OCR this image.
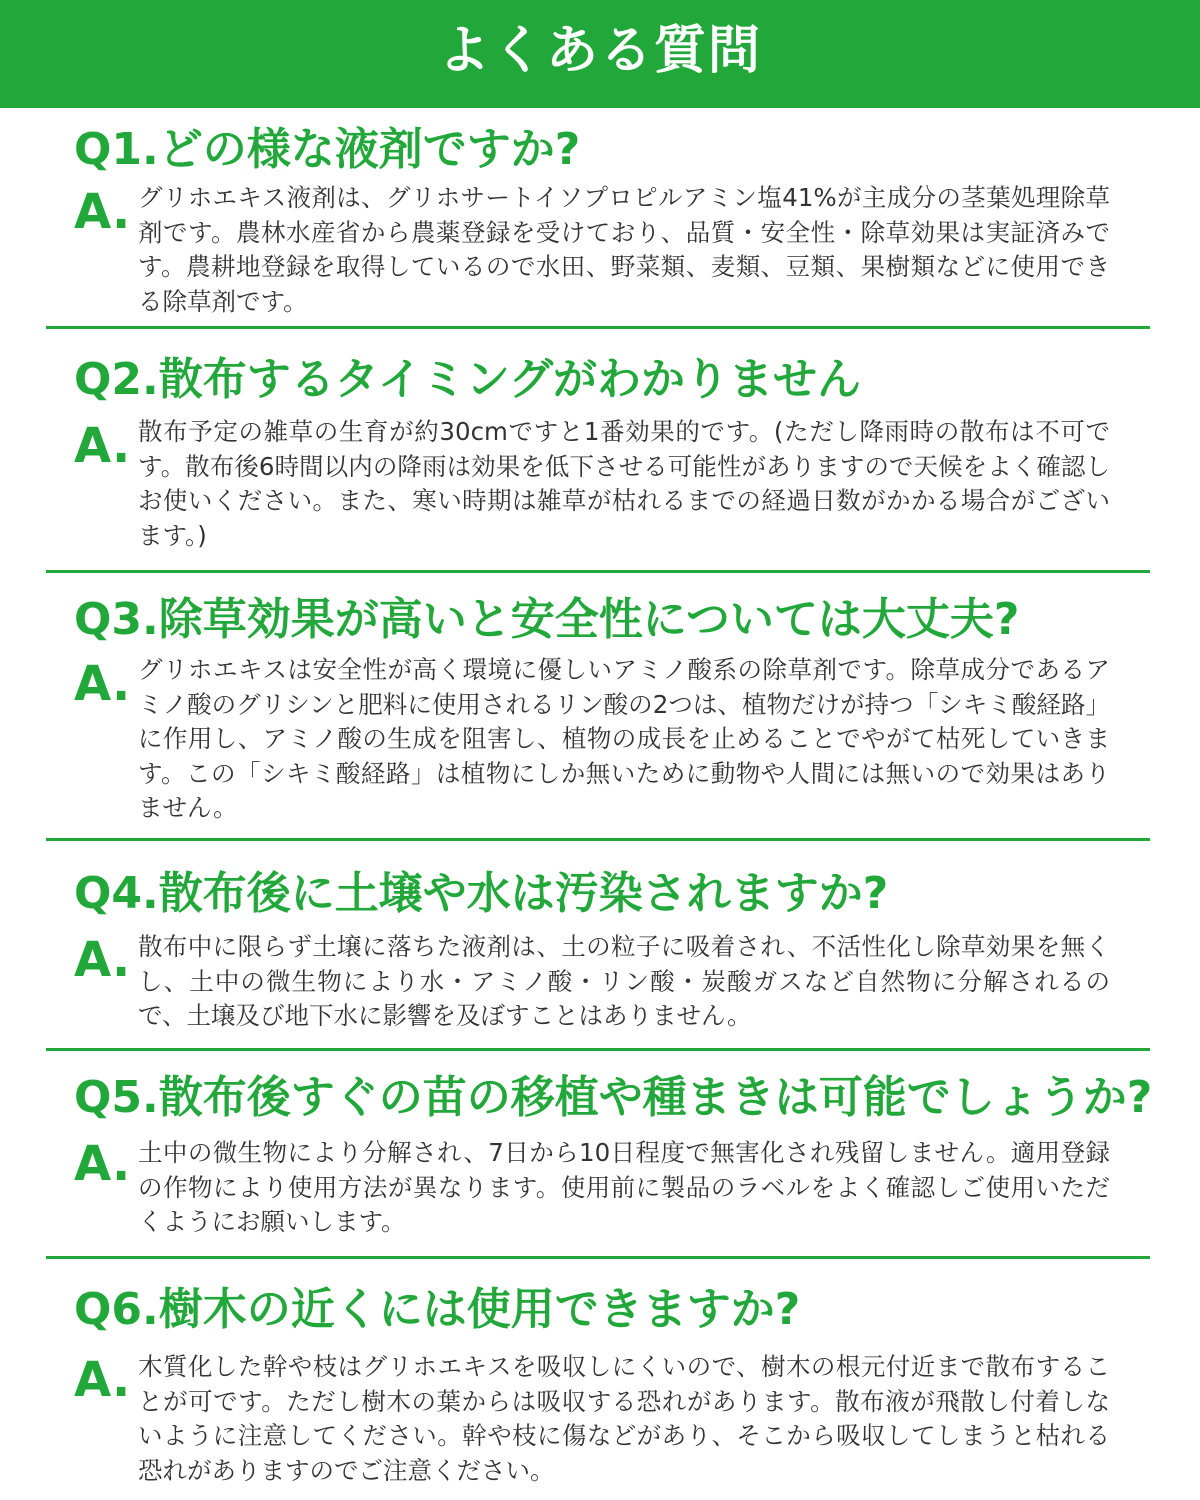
よくある質問
Q1.どの様な液剤ですか?
A. グリホエキス液剤は、グリホサートイソプロピルアミン塩41%が主成分の茎葉処理除草剤です。農林水産省から農薬登録を受けており、品質・安全性・除草効果は実証済みです。農耕地登録を取得しているので水田、野菜類、麦類、豆類、果樹類などに使用できる除草剤です。

Q2.散布するタイミングがわかりません
A. 散布予定の雑草の生育が約30cmですと1番効果的です。(ただし降雨時の散布は不可です。散布後6時間以内の降雨は効果を低下させる可能性がありますので天候をよく確認しお使いください。また、寒い時期は雑草が枯れるまでの経過日数がかかる場合がございます。)

Q3.除草効果が高いと安全性については大丈夫?
A. グリホエキスは安全性が高く環境に優しいアミノ酸系の除草剤です。除草成分であるアミノ酸のグリシンと肥料に使用されるリン酸の2つは、植物だけが持つ「シキミ酸経路」に作用し、アミノ酸の生成を阻害し、植物の成長を止めることでやがて枯死していきます。この「シキミ酸経路」は植物にしか無いために動物や人間には無いので効果はありません。

Q4.散布後に土壌や水は汚染されますか?
A. 散布中に限らず土壌に落ちた液剤は、土の粒子に吸着され、不活性化し除草効果を無くし、土中の微生物により水・アミノ酸・リン酸・炭酸ガスなど自然物に分解されるので、土壌及び地下水に影響を及ぼすことはありません。

Q5.散布後すぐの苗の移植や種まきは可能でしょうか?
A. 土中の微生物により分解され、7日から10日程度で無害化され残留しません。適用登録の作物により使用方法が異なります。使用前に製品のラベルをよく確認しご使用いただくようにお願いします。

Q6.樹木の近くには使用できますか?
A. 木質化した幹や枝はグリホエキスを吸収しにくいので、樹木の根元付近まで散布することが可です。ただし樹木の葉からは吸収する恐れがあります。散布液が飛散し付着しないように注意してください。幹や枝に傷などがあり、そこから吸収してしまうと枯れる恐れがありますのでご注意ください。
